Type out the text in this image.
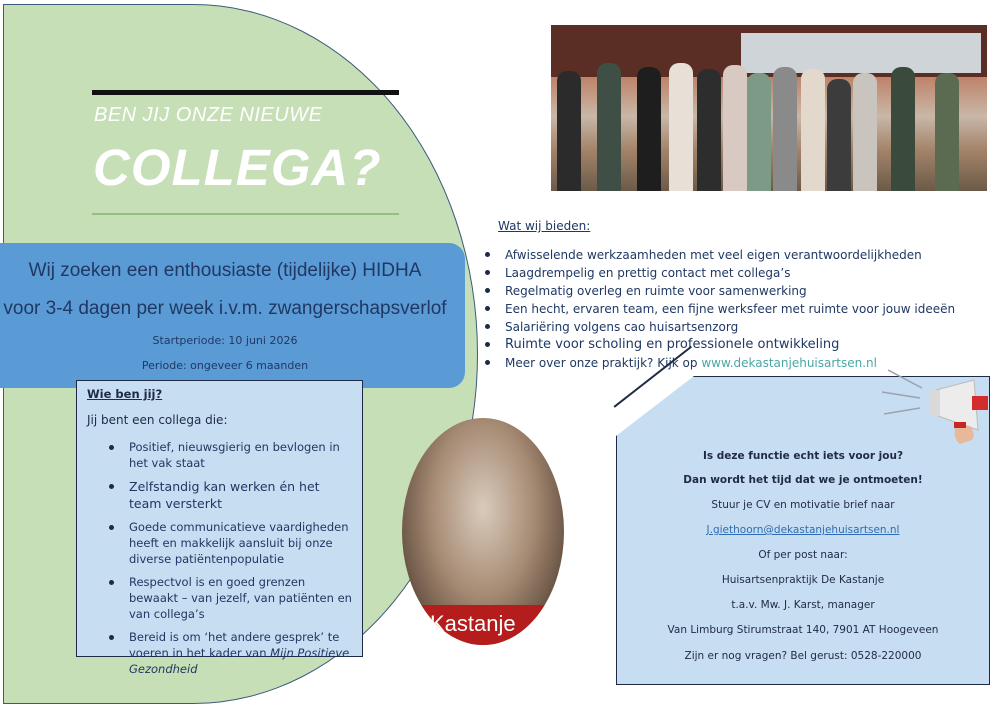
BEN JIJ ONZE NIEUWE
COLLEGA?
Wij zoeken een enthousiaste (tijdelijke) HIDHA
voor 3-4 dagen per week i.v.m. zwangerschapsverlof
Startperiode: 10 juni 2026
Periode: ongeveer 6 maanden
Wie ben jij?
Jij bent een collega die:
Positief, nieuwsgierig en bevlogen in het vak staat
Zelfstandig kan werken én het team versterkt
Goede communicatieve vaardigheden heeft en makkelijk aansluit bij onze diverse patiëntenpopulatie
Respectvol is en goed grenzen bewaakt – van jezelf, van patiënten en van collega’s
Bereid is om ‘het andere gesprek’ te voeren in het kader van Mijn Positieve Gezondheid
Wat wij bieden:
Afwisselende werkzaamheden met veel eigen verantwoordelijkheden
Laagdrempelig en prettig contact met collega’s
Regelmatig overleg en ruimte voor samenwerking
Een hecht, ervaren team, een fijne werksfeer met ruimte voor jouw ideeën
Salariëring volgens cao huisartsenzorg
Ruimte voor scholing en professionele ontwikkeling
Meer over onze praktijk? Kijk op www.dekastanjehuisartsen.nl
Kastanje
Is deze functie echt iets voor jou?
Dan wordt het tijd dat we je ontmoeten!
Stuur je CV en motivatie brief naar
J.giethoorn@dekastanjehuisartsen.nl
Of per post naar:
Huisartsenpraktijk De Kastanje
t.a.v. Mw. J. Karst, manager
Van Limburg Stirumstraat 140, 7901 AT Hoogeveen
Zijn er nog vragen? Bel gerust: 0528-220000
